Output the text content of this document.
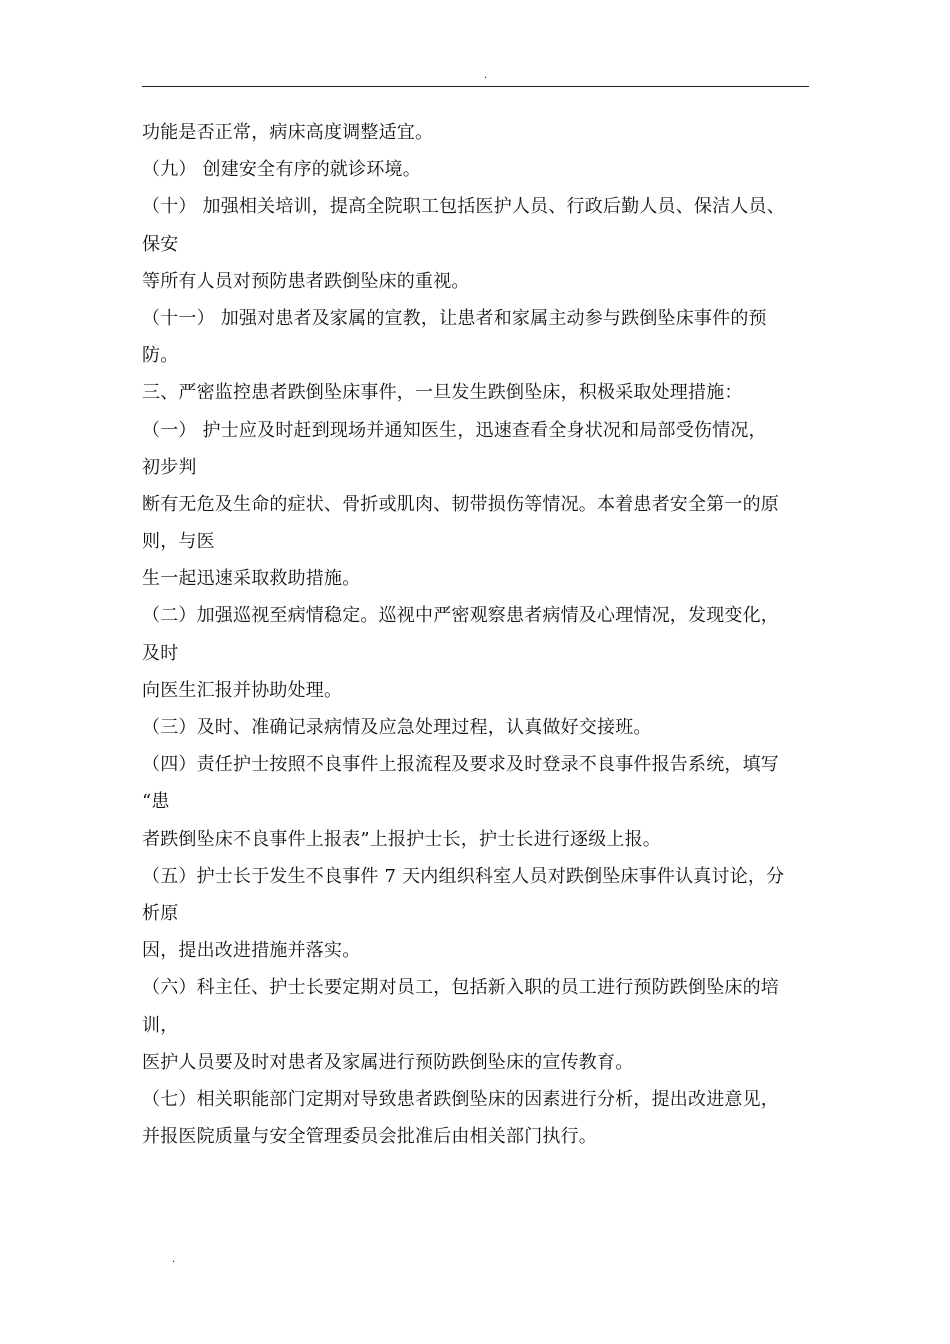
.
功能是否正常，病床高度调整适宜。
（九） 创建安全有序的就诊环境。
（十） 加强相关培训，提高全院职工包括医护人员、行政后勤人员、保洁人员、
保安
等所有人员对预防患者跌倒坠床的重视。
（十一） 加强对患者及家属的宣教，让患者和家属主动参与跌倒坠床事件的预
防。
三、严密监控患者跌倒坠床事件，一旦发生跌倒坠床，积极采取处理措施：
（一） 护士应及时赶到现场并通知医生，迅速查看全身状况和局部受伤情况，
初步判
断有无危及生命的症状、骨折或肌肉、韧带损伤等情况。本着患者安全第一的原
则，与医
生一起迅速采取救助措施。
（二）加强巡视至病情稳定。巡视中严密观察患者病情及心理情况，发现变化，
及时
向医生汇报并协助处理。
（三）及时、准确记录病情及应急处理过程，认真做好交接班。
（四）责任护士按照不良事件上报流程及要求及时登录不良事件报告系统，填写
“患
者跌倒坠床不良事件上报表”上报护士长，护士长进行逐级上报。
（五）护士长于发生不良事件 7 天内组织科室人员对跌倒坠床事件认真讨论，分
析原
因，提出改进措施并落实。
（六）科主任、护士长要定期对员工，包括新入职的员工进行预防跌倒坠床的培
训，
医护人员要及时对患者及家属进行预防跌倒坠床的宣传教育。
（七）相关职能部门定期对导致患者跌倒坠床的因素进行分析，提出改进意见，
并报医院质量与安全管理委员会批准后由相关部门执行。
.
